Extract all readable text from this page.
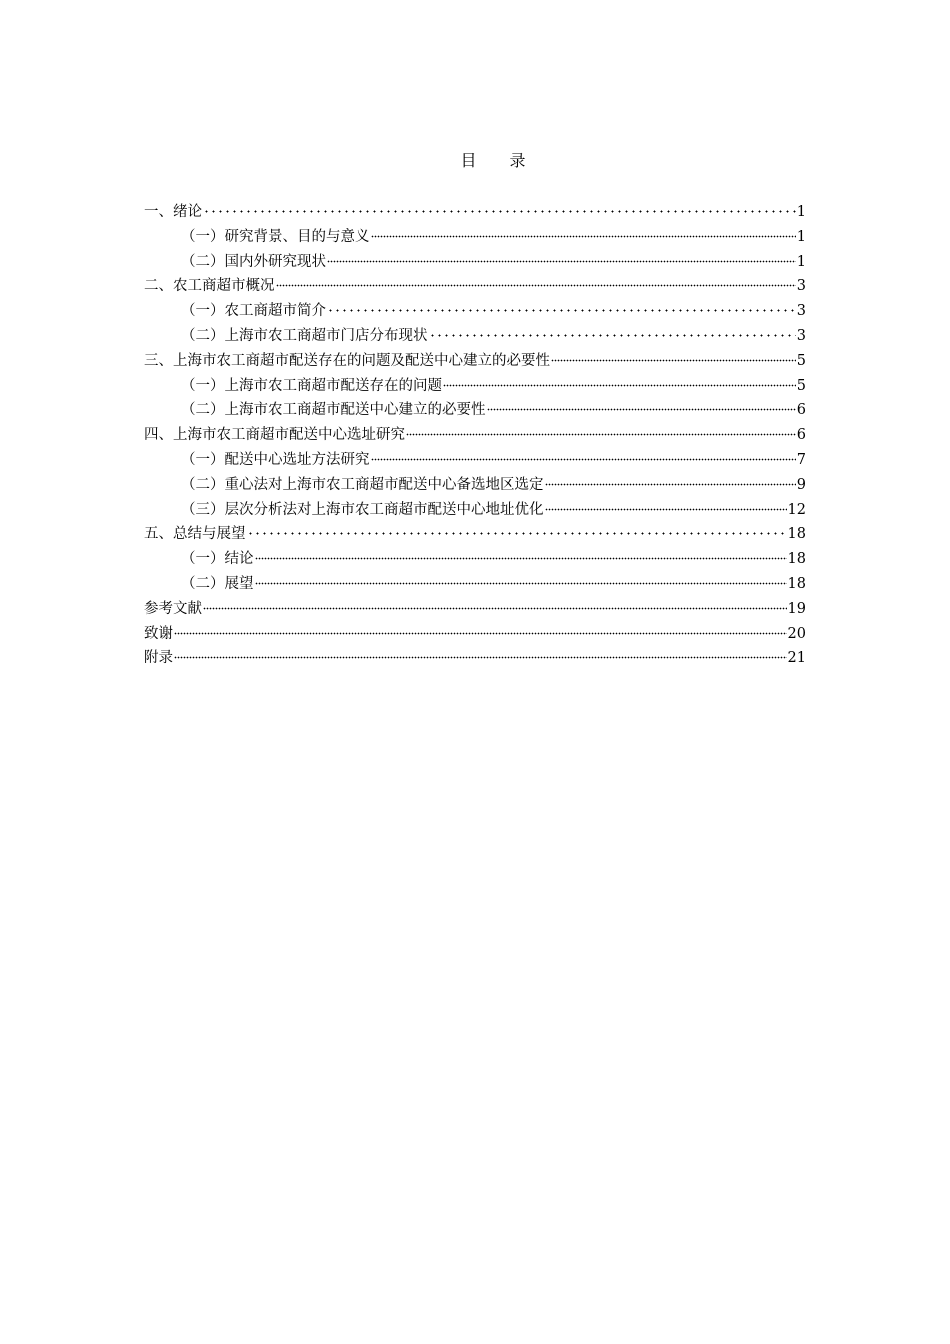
目 录
一、绪论	1
（一）研究背景、目的与意义	1
（二）国内外研究现状	1
二、农工商超市概况	3
（一）农工商超市简介	3
（二）上海市农工商超市门店分布现状	3
三、上海市农工商超市配送存在的问题及配送中心建立的必要性	5
（一）上海市农工商超市配送存在的问题	5
（二）上海市农工商超市配送中心建立的必要性	6
四、上海市农工商超市配送中心选址研究	6
（一）配送中心选址方法研究	7
（二）重心法对上海市农工商超市配送中心备选地区选定	9
（三）层次分析法对上海市农工商超市配送中心地址优化	12
五、总结与展望	18
（一）结论	18
（二）展望	18
参考文献	19
致谢	20
附录	21
